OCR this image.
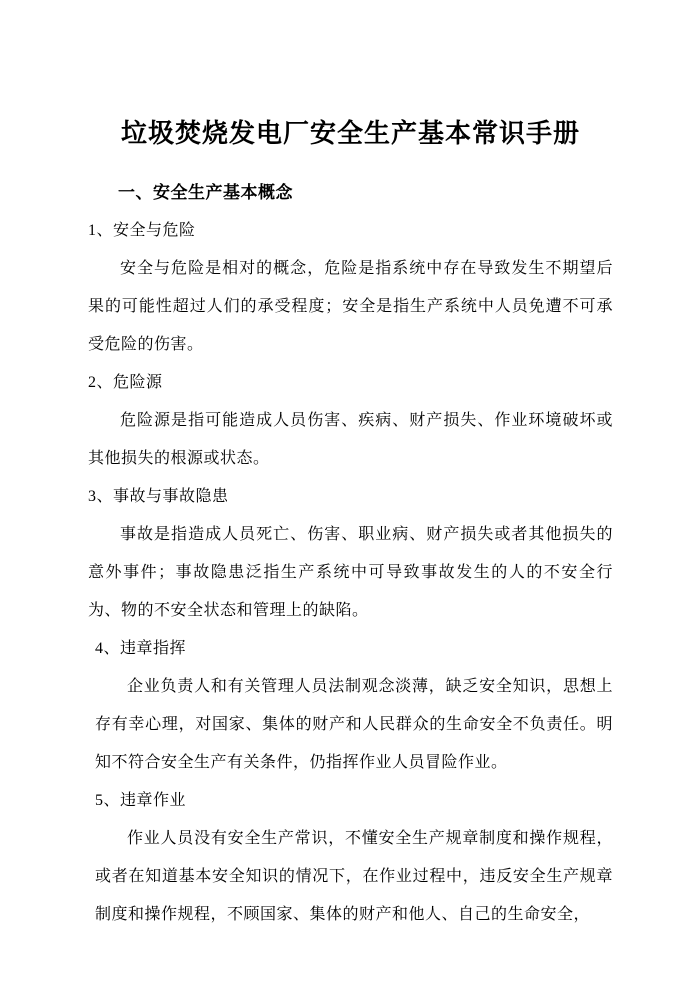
垃圾焚烧发电厂安全生产基本常识手册
一、安全生产基本概念

1、安全与危险

安全与危险是相对的概念，危险是指系统中存在导致发生不期望后果的可能性超过人们的承受程度；安全是指生产系统中人员免遭不可承受危险的伤害。

2、危险源

危险源是指可能造成人员伤害、疾病、财产损失、作业环境破坏或其他损失的根源或状态。

3、事故与事故隐患

事故是指造成人员死亡、伤害、职业病、财产损失或者其他损失的意外事件；事故隐患泛指生产系统中可导致事故发生的人的不安全行为、物的不安全状态和管理上的缺陷。

4、违章指挥

企业负责人和有关管理人员法制观念淡薄，缺乏安全知识，思想上存有幸心理，对国家、集体的财产和人民群众的生命安全不负责任。明知不符合安全生产有关条件，仍指挥作业人员冒险作业。

5、违章作业

作业人员没有安全生产常识，不懂安全生产规章制度和操作规程，或者在知道基本安全知识的情况下，在作业过程中，违反安全生产规章制度和操作规程，不顾国家、集体的财产和他人、自己的生命安全，
